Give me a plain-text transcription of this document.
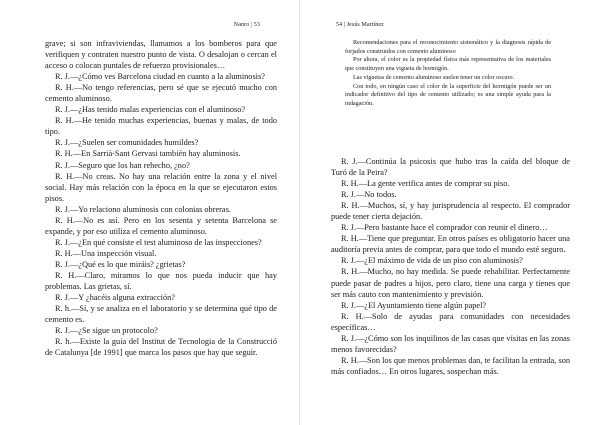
Nanro | 53

grave; si son infraviviendas, llamamos a los bomberos para que verifiquen y contraten nuestro punto de vista. O desalojan o cercan el acceso o colocan puntales de refuerzo provisionales…

R. J.—¿Cómo ves Barcelona ciudad en cuanto a la aluminosis?

R. H.—No tengo referencias, pero sé que se ejecutó mucho con cemento aluminoso.

R. J.—¿Has tenido malas experiencias con el aluminoso?

R. H.—He tenido muchas experiencias, buenas y malas, de todo tipo.

R. J.—¿Suelen ser comunidades humildes?

R. H.—En Sarrià-Sant Gervasi también hay aluminosis.

R. J.—Seguro que los han rehecho, ¿no?

R. H.—No creas. No hay una relación entre la zona y el nivel social. Hay más relación con la época en la que se ejecutaron estos pisos.

R. J.—Yo relaciono aluminosis con colonias obreras.

R. H.—No es así. Pero en los sesenta y setenta Barcelona se expande, y por eso utiliza el cemento aluminoso.

R. J.—¿En qué consiste el test aluminoso de las inspecciones?

R. H.—Una inspección visual.

R. J.—¿Qué es lo que miráis? ¿grietas?

R. H.—Claro, miramos lo que nos pueda inducir que hay problemas. Las grietas, sí.

R. J.—Y ¿hacéis alguna extracción?

R. h.—Sí, y se analiza en el laboratorio y se determina qué tipo de cemento es.

R. J.—¿Se sigue un protocolo?

R. h.—Existe la guía del Institut de Tecnologia de la Construcció de Catalunya [de 1991] que marca los pasos que hay que seguir.

54 | Jesús Martínez

Recomendaciones para el reconocimiento sistemático y la diagnosis rápida de forjados construidos con cemento aluminoso

Por ahora, el color es la propiedad física más representativa de los materiales que constituyen una vigueta de hormigón.

Las viguetas de cemento aluminoso suelen tener un color oscuro.

Con todo, en ningún caso el color de la superficie del hormigón puede ser un indicador definitivo del tipo de cemento utilizado; es una simple ayuda para la indagación.

R. J.—Continúa la psicosis que hubo tras la caída del bloque de Turó de la Peira?

R. H.—La gente verifica antes de comprar su piso.

R. J.—No todos.

R. H.—Muchos, sí, y hay jurisprudencia al respecto. El comprador puede tener cierta dejación.

R. J.—Pero bastante hace el comprador con reunir el dinero…

R. H.—Tiene que preguntar. En otros países es obligatorio hacer una auditoría previa antes de comprar, para que todo el mundo esté seguro.

R. J.—¿El máximo de vida de un piso con aluminosis?

R. H.—Mucho, no hay medida. Se puede rehabilitar. Perfectamente puede pasar de padres a hijos, pero claro, tiene una carga y tienes que ser más cauto con mantenimiento y previsión.

R. J.—¿El Ayuntamiento tiene algún papel?

R. H.—Solo de ayudas para comunidades con necesidades específicas…

R. J.—¿Cómo son los inquilinos de las casas que visitas en las zonas menos favorecidas?

R. H.—Son los que menos problemas dan, te facilitan la entrada, son más confiados… En otros lugares, sospechan más.
